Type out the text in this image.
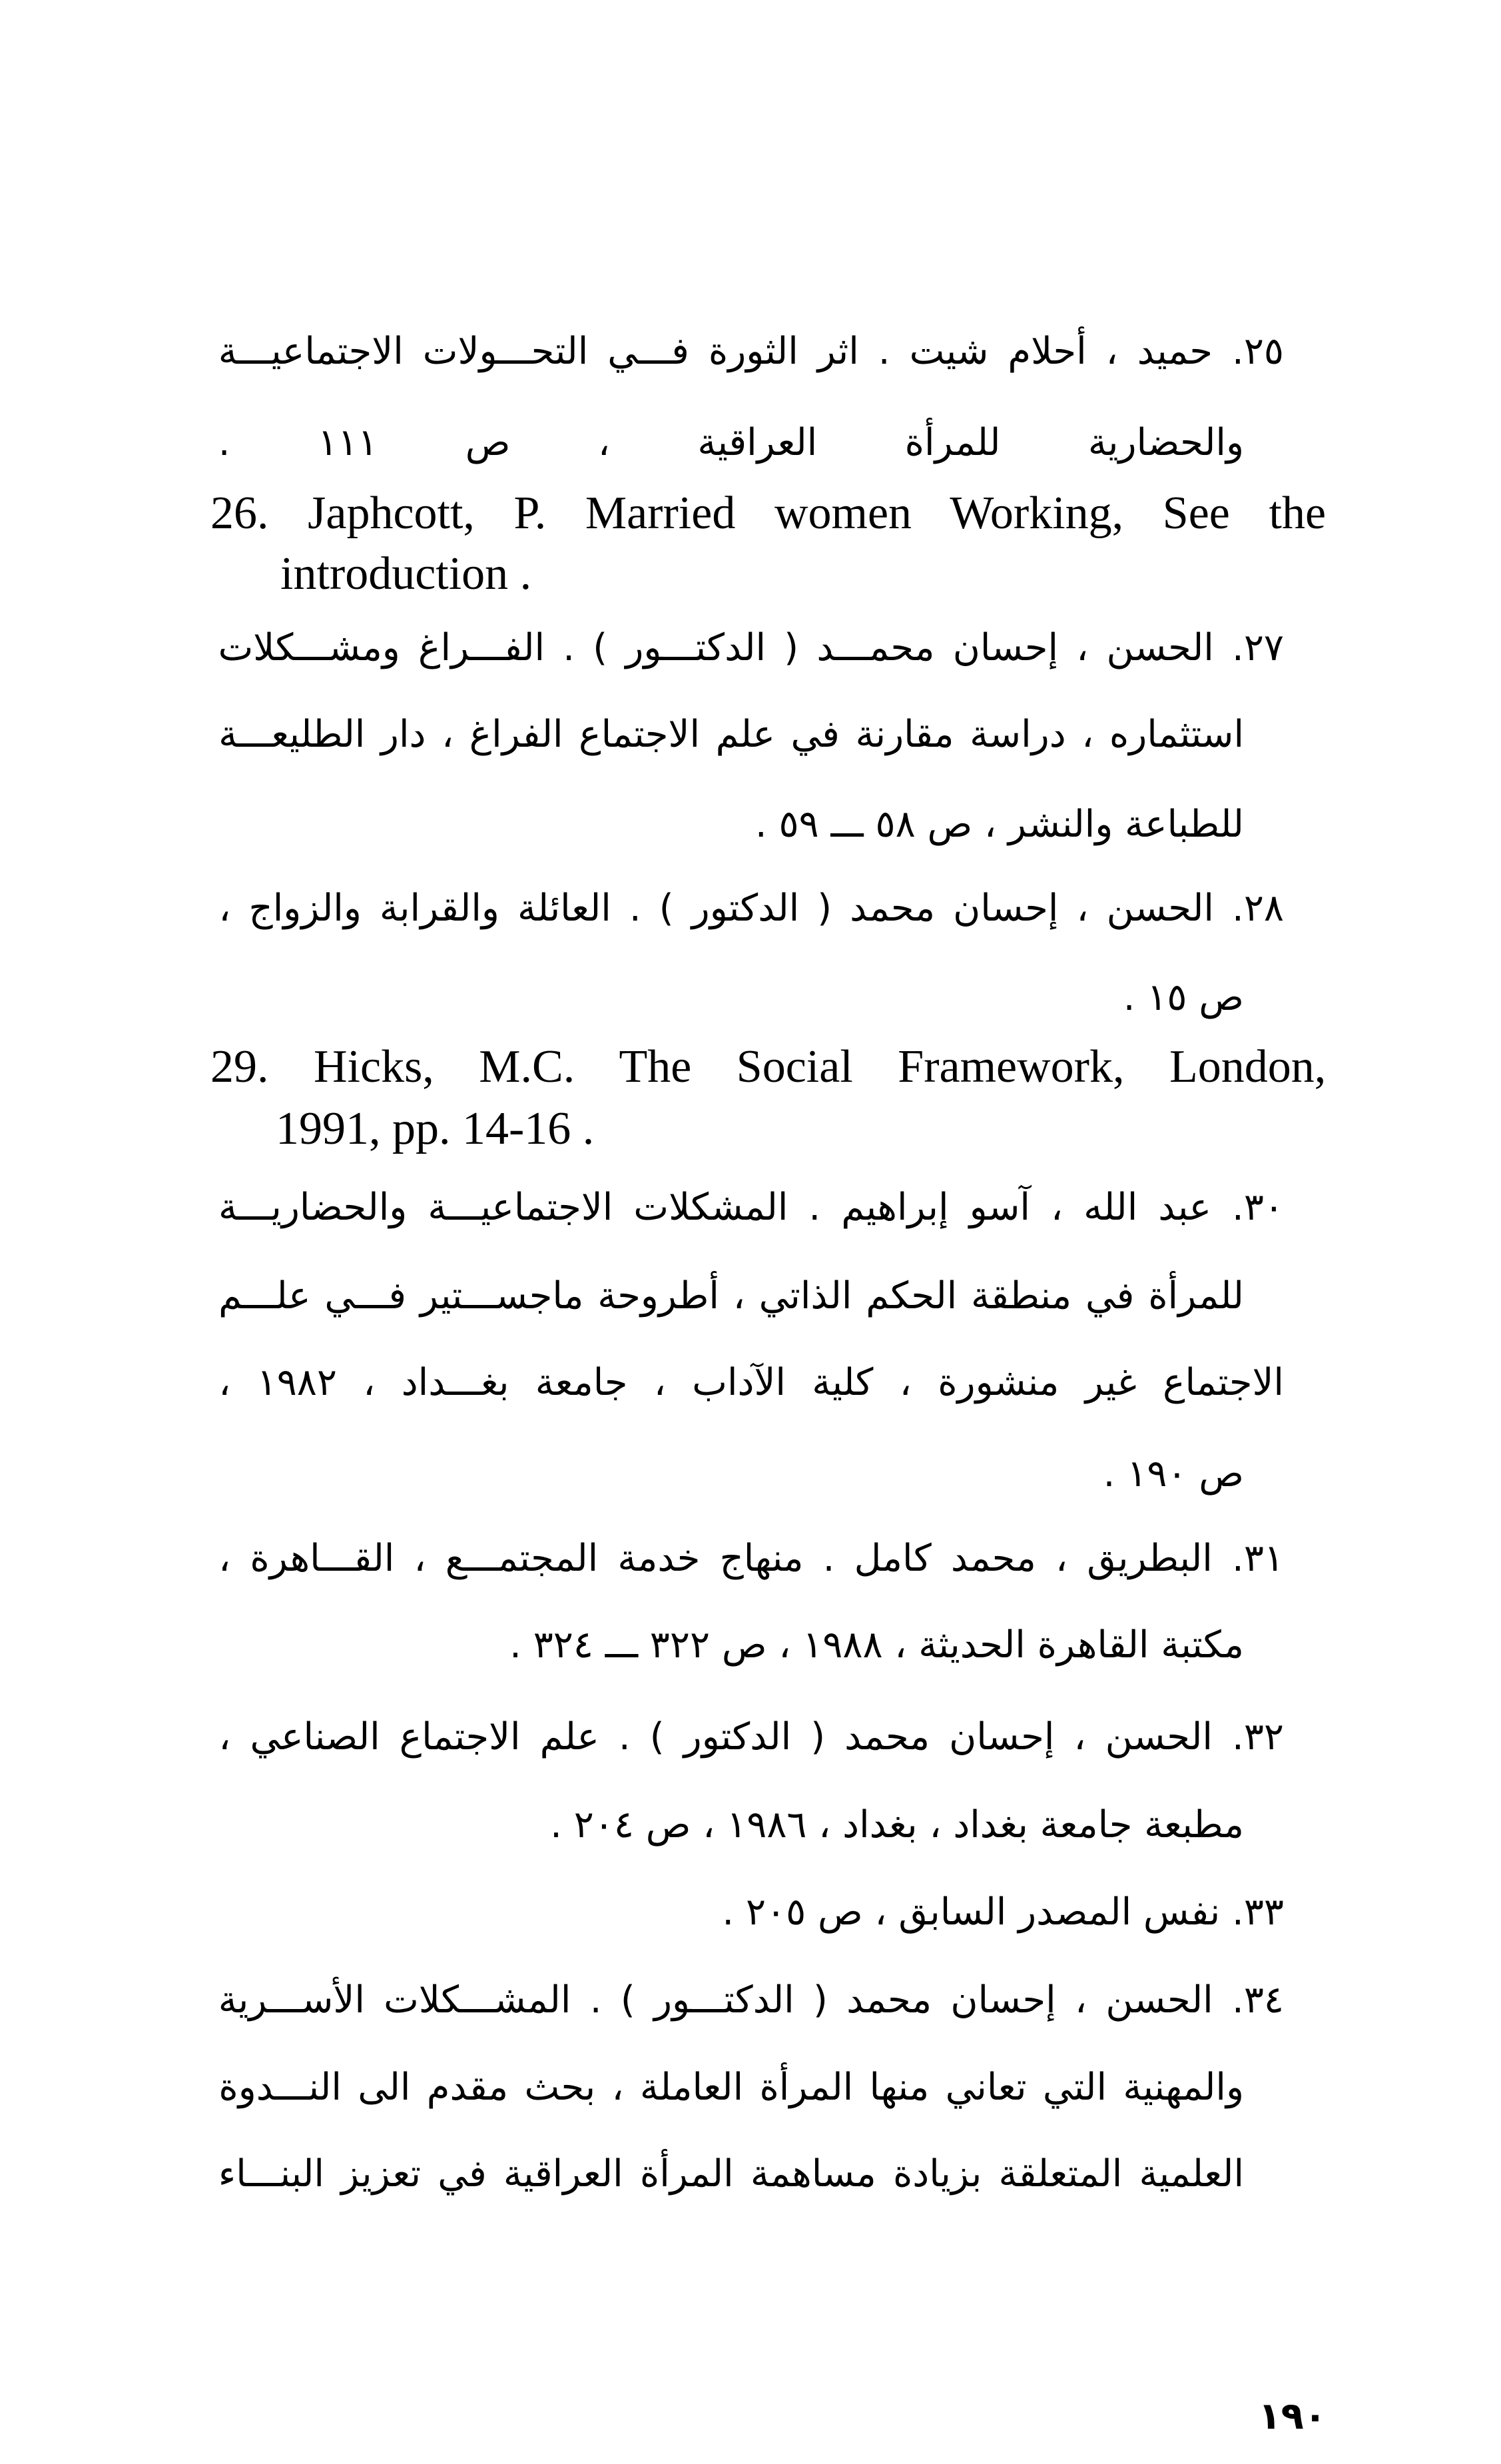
٢٥. حميد ، أحلام شيت . اثر الثورة فـــي التحـــولات الاجتماعيـــة
والحضارية للمرأة العراقية ، ص ١١١ .
26. Japhcott, P. Married women Working, See the
introduction .
٢٧. الحسن ، إحسان محمـــد ( الدكتـــور ) . الفـــراغ ومشـــكلات
استثماره ، دراسة مقارنة في علم الاجتماع الفراغ ، دار الطليعـــة
للطباعة والنشر ، ص ٥٨ ـــ ٥٩ .
٢٨. الحسن ، إحسان محمد ( الدكتور ) . العائلة والقرابة والزواج ،
ص ١٥ .
29. Hicks, M.C. The Social Framework, London,
1991, pp. 14-16 .
٣٠. عبد الله ، آسو إبراهيم . المشكلات الاجتماعيـــة والحضاريـــة
للمرأة في منطقة الحكم الذاتي ، أطروحة ماجســـتير فـــي علـــم
الاجتماع غير منشورة ، كلية الآداب ، جامعة بغـــداد ، ١٩٨٢ ،
ص ١٩٠ .
٣١. البطريق ، محمد كامل . منهاج خدمة المجتمـــع ، القـــاهرة ،
مكتبة القاهرة الحديثة ، ١٩٨٨ ، ص ٣٢٢ ـــ ٣٢٤ .
٣٢. الحسن ، إحسان محمد ( الدكتور ) . علم الاجتماع الصناعي ،
مطبعة جامعة بغداد ، بغداد ، ١٩٨٦ ، ص ٢٠٤ .
٣٣. نفس المصدر السابق ، ص ٢٠٥ .
٣٤. الحسن ، إحسان محمد ( الدكتـــور ) . المشـــكلات الأســـرية
والمهنية التي تعاني منها المرأة العاملة ، بحث مقدم الى النـــدوة
العلمية المتعلقة بزيادة مساهمة المرأة العراقية في تعزيز البنـــاء
١٩٠
